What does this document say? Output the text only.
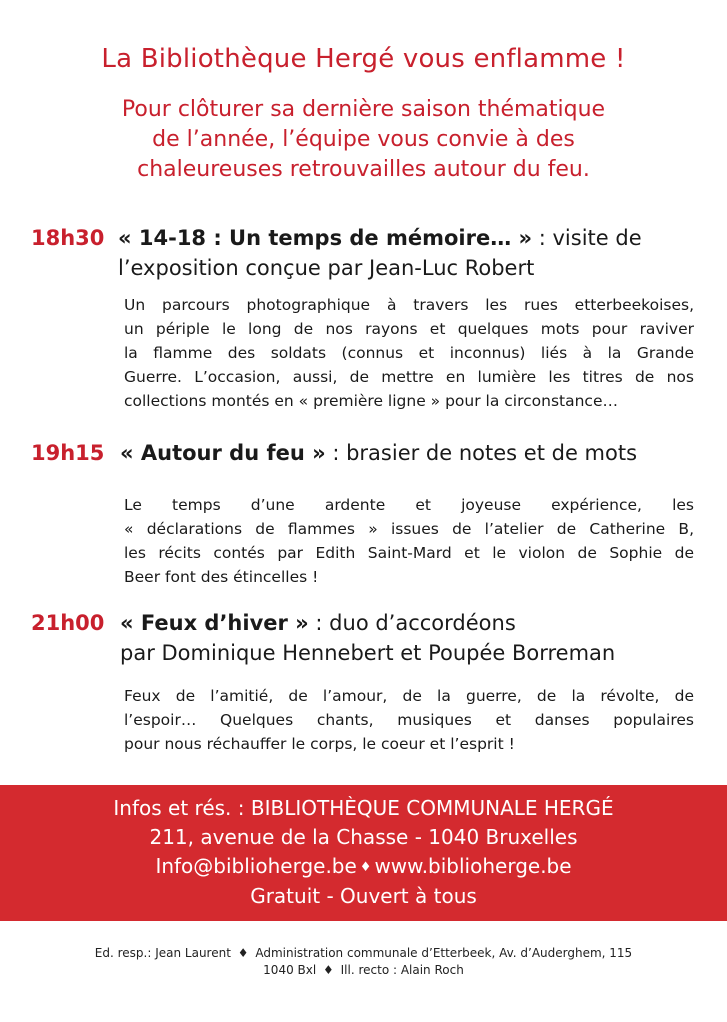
La Bibliothèque Hergé vous enflamme !
Pour clôturer sa dernière saison thématique
de l’année, l’équipe vous convie à des
chaleureuses retrouvailles autour du feu.
18h30 « 14-18 : Un temps de mémoire… » : visite de
l’exposition conçue par Jean-Luc Robert
Un parcours photographique à travers les rues etterbeekoises,
un périple le long de nos rayons et quelques mots pour raviver
la flamme des soldats (connus et inconnus) liés à la Grande
Guerre. L’occasion, aussi, de mettre en lumière les titres de nos
collections montés en « première ligne » pour la circonstance…
19h15 « Autour du feu » : brasier de notes et de mots
Le temps d’une ardente et joyeuse expérience, les
« déclarations de flammes » issues de l’atelier de Catherine B,
les récits contés par Edith Saint-Mard et le violon de Sophie de
Beer font des étincelles !
21h00 « Feux d’hiver » : duo d’accordéons
par Dominique Hennebert et Poupée Borreman
Feux de l’amitié, de l’amour, de la guerre, de la révolte, de
l’espoir… Quelques chants, musiques et danses populaires
pour nous réchauffer le corps, le coeur et l’esprit !
Infos et rés. : BIBLIOTHÈQUE COMMUNALE HERGÉ
211, avenue de la Chasse - 1040 Bruxelles
Info@biblioherge.be ♦ www.biblioherge.be
Gratuit - Ouvert à tous
Ed. resp.: Jean Laurent ♦ Administration communale d’Etterbeek, Av. d’Auderghem, 115
1040 Bxl ♦ Ill. recto : Alain Roch
